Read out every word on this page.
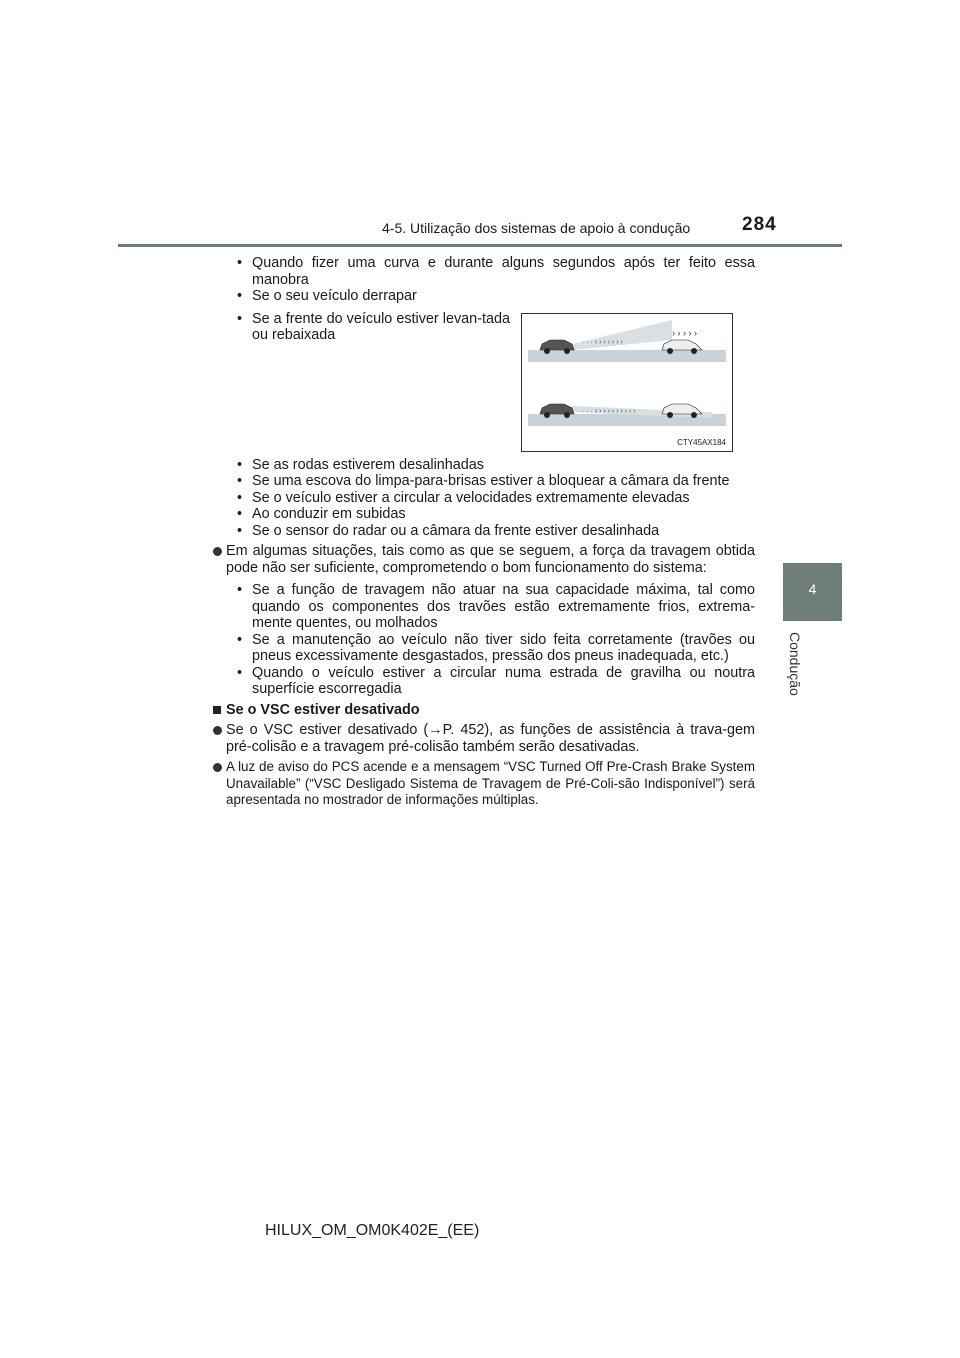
4-5. Utilização dos sistemas de apoio à condução	284
4
Condução
• Quando fizer uma curva e durante alguns segundos após ter feito essa manobra
• Se o seu veículo derrapar
• Se a frente do veículo estiver levan-tada ou rebaixada
• Se as rodas estiverem desalinhadas
• Se uma escova do limpa-para-brisas estiver a bloquear a câmara da frente
• Se o veículo estiver a circular a velocidades extremamente elevadas
• Ao conduzir em subidas
• Se o sensor do radar ou a câmara da frente estiver desalinhada
Em algumas situações, tais como as que se seguem, a força da travagem obtida pode não ser suficiente, comprometendo o bom funcionamento do sistema:
• Se a função de travagem não atuar na sua capacidade máxima, tal como quando os componentes dos travões estão extremamente frios, extrema-mente quentes, ou molhados
• Se a manutenção ao veículo não tiver sido feita corretamente (travões ou pneus excessivamente desgastados, pressão dos pneus inadequada, etc.)
• Quando o veículo estiver a circular numa estrada de gravilha ou noutra superfície escorregadia
Se o VSC estiver desativado
Se o VSC estiver desativado (→P. 452), as funções de assistência à trava-gem pré-colisão e a travagem pré-colisão também serão desativadas.
A luz de aviso do PCS acende e a mensagem “VSC Turned Off Pre-Crash Brake System Unavailable” (“VSC Desligado Sistema de Travagem de Pré-Coli-são Indisponível”) será apresentada no mostrador de informações múltiplas.
· · · › › › › › › ›
› › › › ›
· · · › › › › › › › › › ›
CTY45AX184
HILUX_OM_OM0K402E_(EE)
